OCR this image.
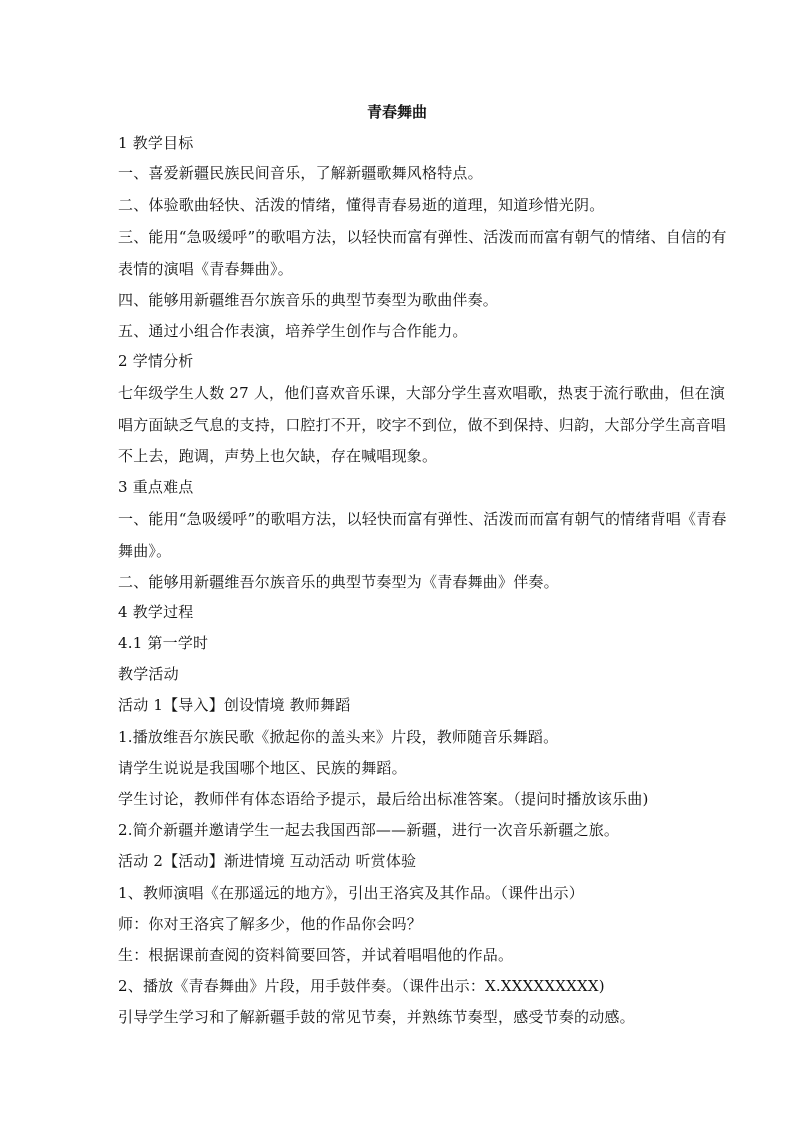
青春舞曲
1 教学目标
一、喜爱新疆民族民间音乐，了解新疆歌舞风格特点。
二、体验歌曲轻快、活泼的情绪，懂得青春易逝的道理，知道珍惜光阴。
三、能用“急吸缓呼”的歌唱方法，以轻快而富有弹性、活泼而而富有朝气的情绪、自信的有
表情的演唱《青春舞曲》。
四、能够用新疆维吾尔族音乐的典型节奏型为歌曲伴奏。
五、通过小组合作表演，培养学生创作与合作能力。
2 学情分析
七年级学生人数 27 人，他们喜欢音乐课，大部分学生喜欢唱歌，热衷于流行歌曲，但在演
唱方面缺乏气息的支持，口腔打不开，咬字不到位，做不到保持、归韵，大部分学生高音唱
不上去，跑调，声势上也欠缺，存在喊唱现象。
3 重点难点
一、能用“急吸缓呼”的歌唱方法，以轻快而富有弹性、活泼而而富有朝气的情绪背唱《青春
舞曲》。
二、能够用新疆维吾尔族音乐的典型节奏型为《青春舞曲》伴奏。
4 教学过程
4.1 第一学时
教学活动
活动 1【导入】创设情境 教师舞蹈
1.播放维吾尔族民歌《掀起你的盖头来》片段，教师随音乐舞蹈。
请学生说说是我国哪个地区、民族的舞蹈。
学生讨论，教师伴有体态语给予提示，最后给出标准答案。（提问时播放该乐曲)
2.简介新疆并邀请学生一起去我国西部——新疆，进行一次音乐新疆之旅。
活动 2【活动】渐进情境 互动活动 听赏体验
1、教师演唱《在那遥远的地方》，引出王洛宾及其作品。（课件出示）
师：你对王洛宾了解多少，他的作品你会吗？
生：根据课前查阅的资料简要回答，并试着唱唱他的作品。
2、播放《青春舞曲》片段，用手鼓伴奏。（课件出示：X.XXXXXXXXX)
引导学生学习和了解新疆手鼓的常见节奏，并熟练节奏型，感受节奏的动感。
